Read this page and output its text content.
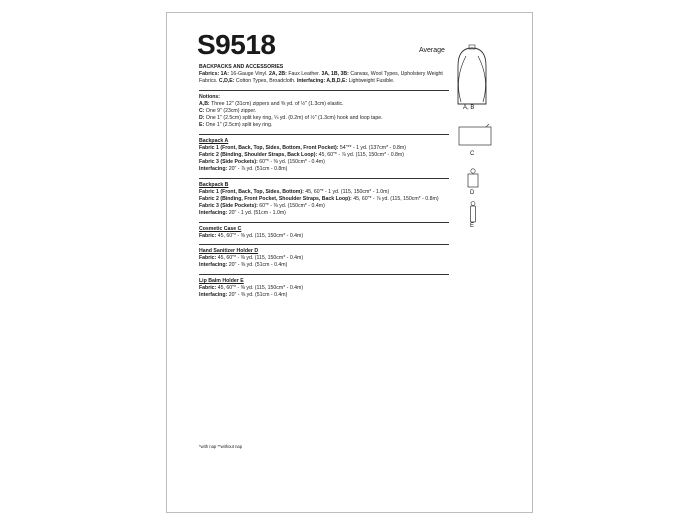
S9518	Average

BACKPACKS AND ACCESSORIES

Fabrics: 1A: 16-Gauge Vinyl. 2A, 2B: Faux Leather. 3A, 1B, 3B: Canvas, Wool Types, Upholstery Weight Fabrics. C,D,E: Cotton Types, Broadcloth. Interfacing: A,B,D,E: Lightweight Fusible.

Notions:

A,B: Three 12" (31cm) zippers and ⅜ yd. of ½" (1.3cm) elastic.

C: One 9" (23cm) zipper.

D: One 1" (2.5cm) split key ring, ¼ yd. (0.2m) of ½" (1.3cm) hook and loop tape.

E: One 1" (2.5cm) split key ring.

Backpack A

Fabric 1 (Front, Back, Top, Sides, Bottom, Front Pocket): 54"** - 1 yd. (137cm* - 0.8m)

Fabric 2 (Binding, Shoulder Straps, Back Loop): 45, 60"* - ⅞ yd. (115, 150cm* - 0.8m)

Fabric 3 (Side Pockets): 60"* - ⅜ yd. (150cm* - 0.4m)

Interfacing: 20" - ⅞ yd. (51cm - 0.8m)

Backpack B

Fabric 1 (Front, Back, Top, Sides, Bottom): 45, 60"* - 1 yd. (115, 150cm* - 1.0m)

Fabric 2 (Binding, Front Pocket, Shoulder Straps, Back Loop): 45, 60"* - ⅞ yd. (115, 150cm* - 0.8m)

Fabric 3 (Side Pockets): 60"* - ⅜ yd. (150cm* - 0.4m)

Interfacing: 20" - 1 yd. (51cm - 1.0m)

Cosmetic Case C

Fabric: 45, 60"* - ⅜ yd. (115, 150cm* - 0.4m)

Hand Sanitizer Holder D

Fabric: 45, 60"* - ⅜ yd. (115, 150cm* - 0.4m)

Interfacing: 20" - ⅜ yd. (51cm - 0.4m)

Lip Balm Holder E

Fabric: 45, 60"* - ⅜ yd. (115, 150cm* - 0.4m)

Interfacing: 20" - ⅜ yd. (51cm - 0.4m)

*with nap **without nap
A, B
C
D
E
